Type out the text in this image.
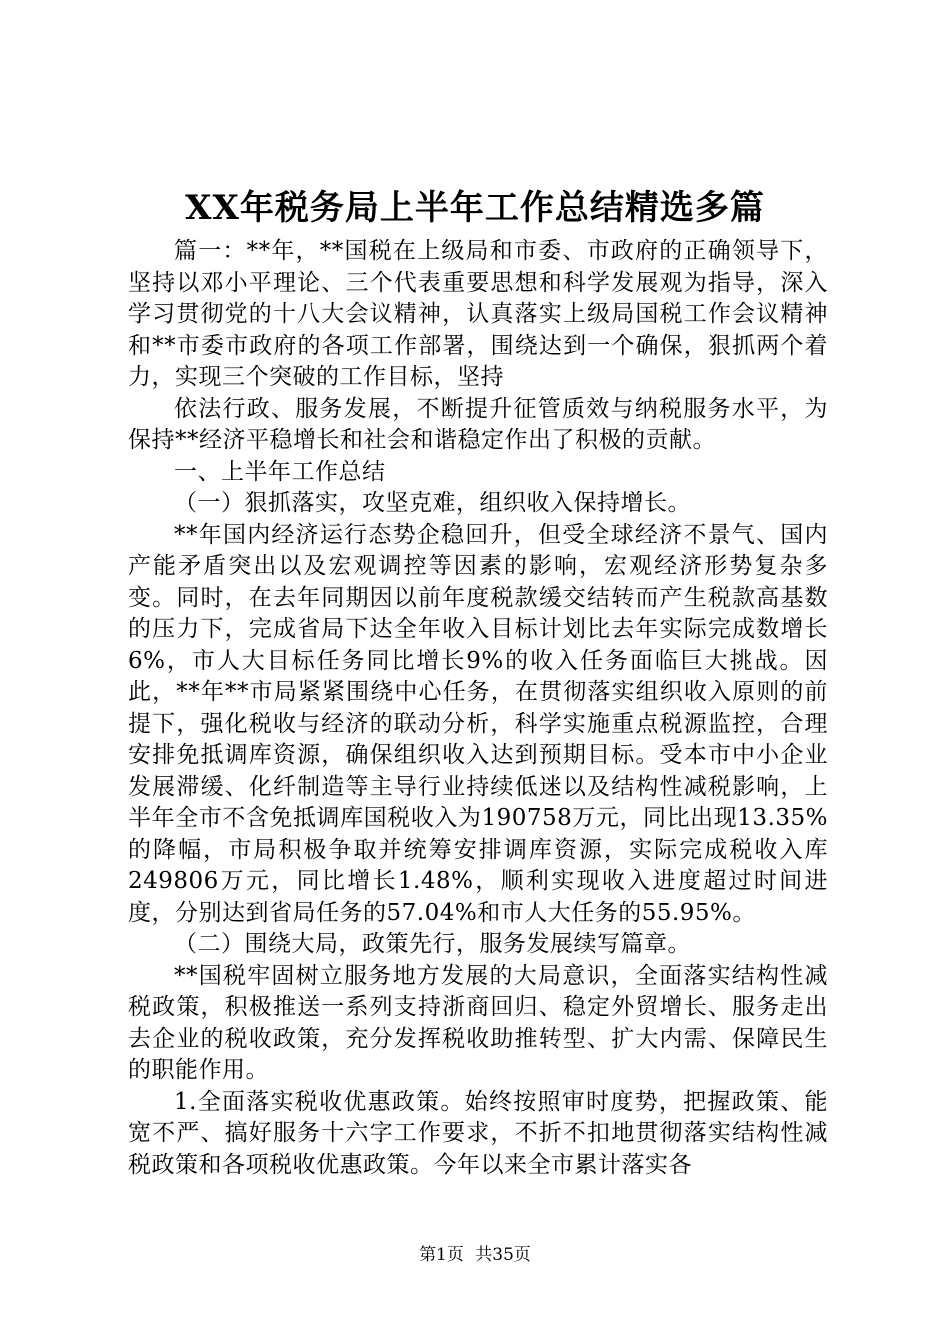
XX年税务局上半年工作总结精选多篇

篇一：**年，**国税在上级局和市委、市政府的正确领导下，坚持以邓小平理论、三个代表重要思想和科学发展观为指导，深入学习贯彻党的十八大会议精神，认真落实上级局国税工作会议精神和**市委市政府的各项工作部署，围绕达到一个确保，狠抓两个着力，实现三个突破的工作目标，坚持

依法行政、服务发展，不断提升征管质效与纳税服务水平，为保持**经济平稳增长和社会和谐稳定作出了积极的贡献。

一、上半年工作总结

（一）狠抓落实，攻坚克难，组织收入保持增长。

**年国内经济运行态势企稳回升，但受全球经济不景气、国内产能矛盾突出以及宏观调控等因素的影响，宏观经济形势复杂多变。同时，在去年同期因以前年度税款缓交结转而产生税款高基数的压力下，完成省局下达全年收入目标计划比去年实际完成数增长6%，市人大目标任务同比增长9%的收入任务面临巨大挑战。因此，**年**市局紧紧围绕中心任务，在贯彻落实组织收入原则的前提下，强化税收与经济的联动分析，科学实施重点税源监控，合理安排免抵调库资源，确保组织收入达到预期目标。受本市中小企业发展滞缓、化纤制造等主导行业持续低迷以及结构性减税影响，上半年全市不含免抵调库国税收入为190758万元，同比出现13.35%的降幅，市局积极争取并统筹安排调库资源，实际完成税收入库249806万元，同比增长1.48%，顺利实现收入进度超过时间进度，分别达到省局任务的57.04%和市人大任务的55.95%。

（二）围绕大局，政策先行，服务发展续写篇章。

**国税牢固树立服务地方发展的大局意识，全面落实结构性减税政策，积极推送一系列支持浙商回归、稳定外贸增长、服务走出去企业的税收政策，充分发挥税收助推转型、扩大内需、保障民生的职能作用。

1.全面落实税收优惠政策。始终按照审时度势，把握政策、能宽不严、搞好服务十六字工作要求，不折不扣地贯彻落实结构性减税政策和各项税收优惠政策。今年以来全市累计落实各

第1页 共35页
